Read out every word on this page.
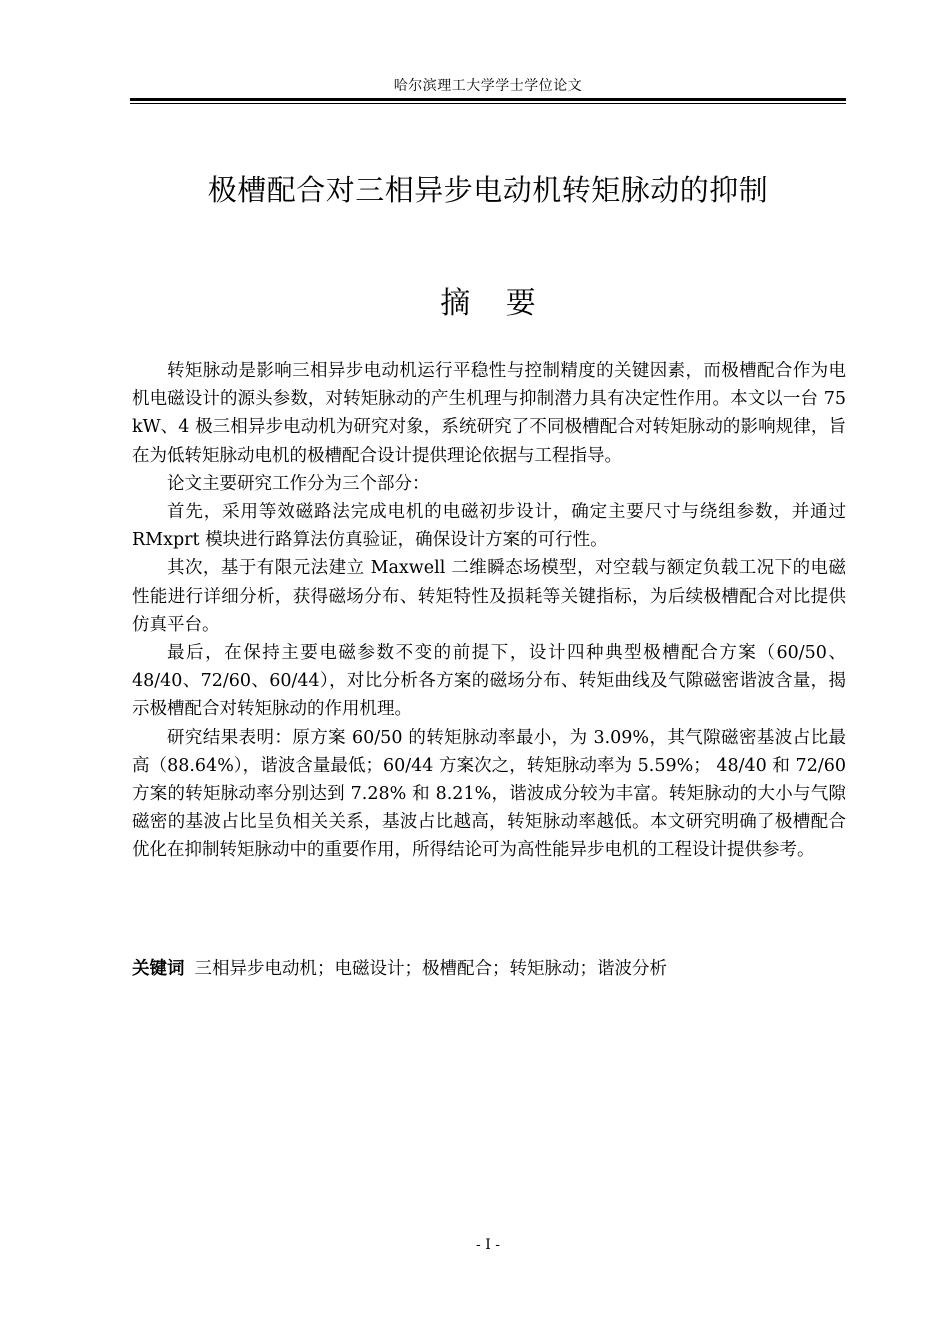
哈尔滨理工大学学士学位论文
极槽配合对三相异步电动机转矩脉动的抑制
摘 要

转矩脉动是影响三相异步电动机运行平稳性与控制精度的关键因素，而极槽配合作为电机电磁设计的源头参数，对转矩脉动的产生机理与抑制潜力具有决定性作用。本文以一台 75 kW、4 极三相异步电动机为研究对象，系统研究了不同极槽配合对转矩脉动的影响规律，旨在为低转矩脉动电机的极槽配合设计提供理论依据与工程指导。

论文主要研究工作分为三个部分：

首先，采用等效磁路法完成电机的电磁初步设计，确定主要尺寸与绕组参数，并通过 RMxprt 模块进行路算法仿真验证，确保设计方案的可行性。

其次，基于有限元法建立 Maxwell 二维瞬态场模型，对空载与额定负载工况下的电磁性能进行详细分析，获得磁场分布、转矩特性及损耗等关键指标，为后续极槽配合对比提供仿真平台。

最后，在保持主要电磁参数不变的前提下，设计四种典型极槽配合方案（60/50、48/40、72/60、60/44），对比分析各方案的磁场分布、转矩曲线及气隙磁密谐波含量，揭示极槽配合对转矩脉动的作用机理。

研究结果表明：原方案 60/50 的转矩脉动率最小，为 3.09%，其气隙磁密基波占比最高（88.64%），谐波含量最低；60/44 方案次之，转矩脉动率为 5.59%； 48/40 和 72/60 方案的转矩脉动率分别达到 7.28% 和 8.21%，谐波成分较为丰富。转矩脉动的大小与气隙磁密的基波占比呈负相关关系，基波占比越高，转矩脉动率越低。本文研究明确了极槽配合优化在抑制转矩脉动中的重要作用，所得结论可为高性能异步电机的工程设计提供参考。

关键词 三相异步电动机；电磁设计；极槽配合；转矩脉动；谐波分析
- I -
